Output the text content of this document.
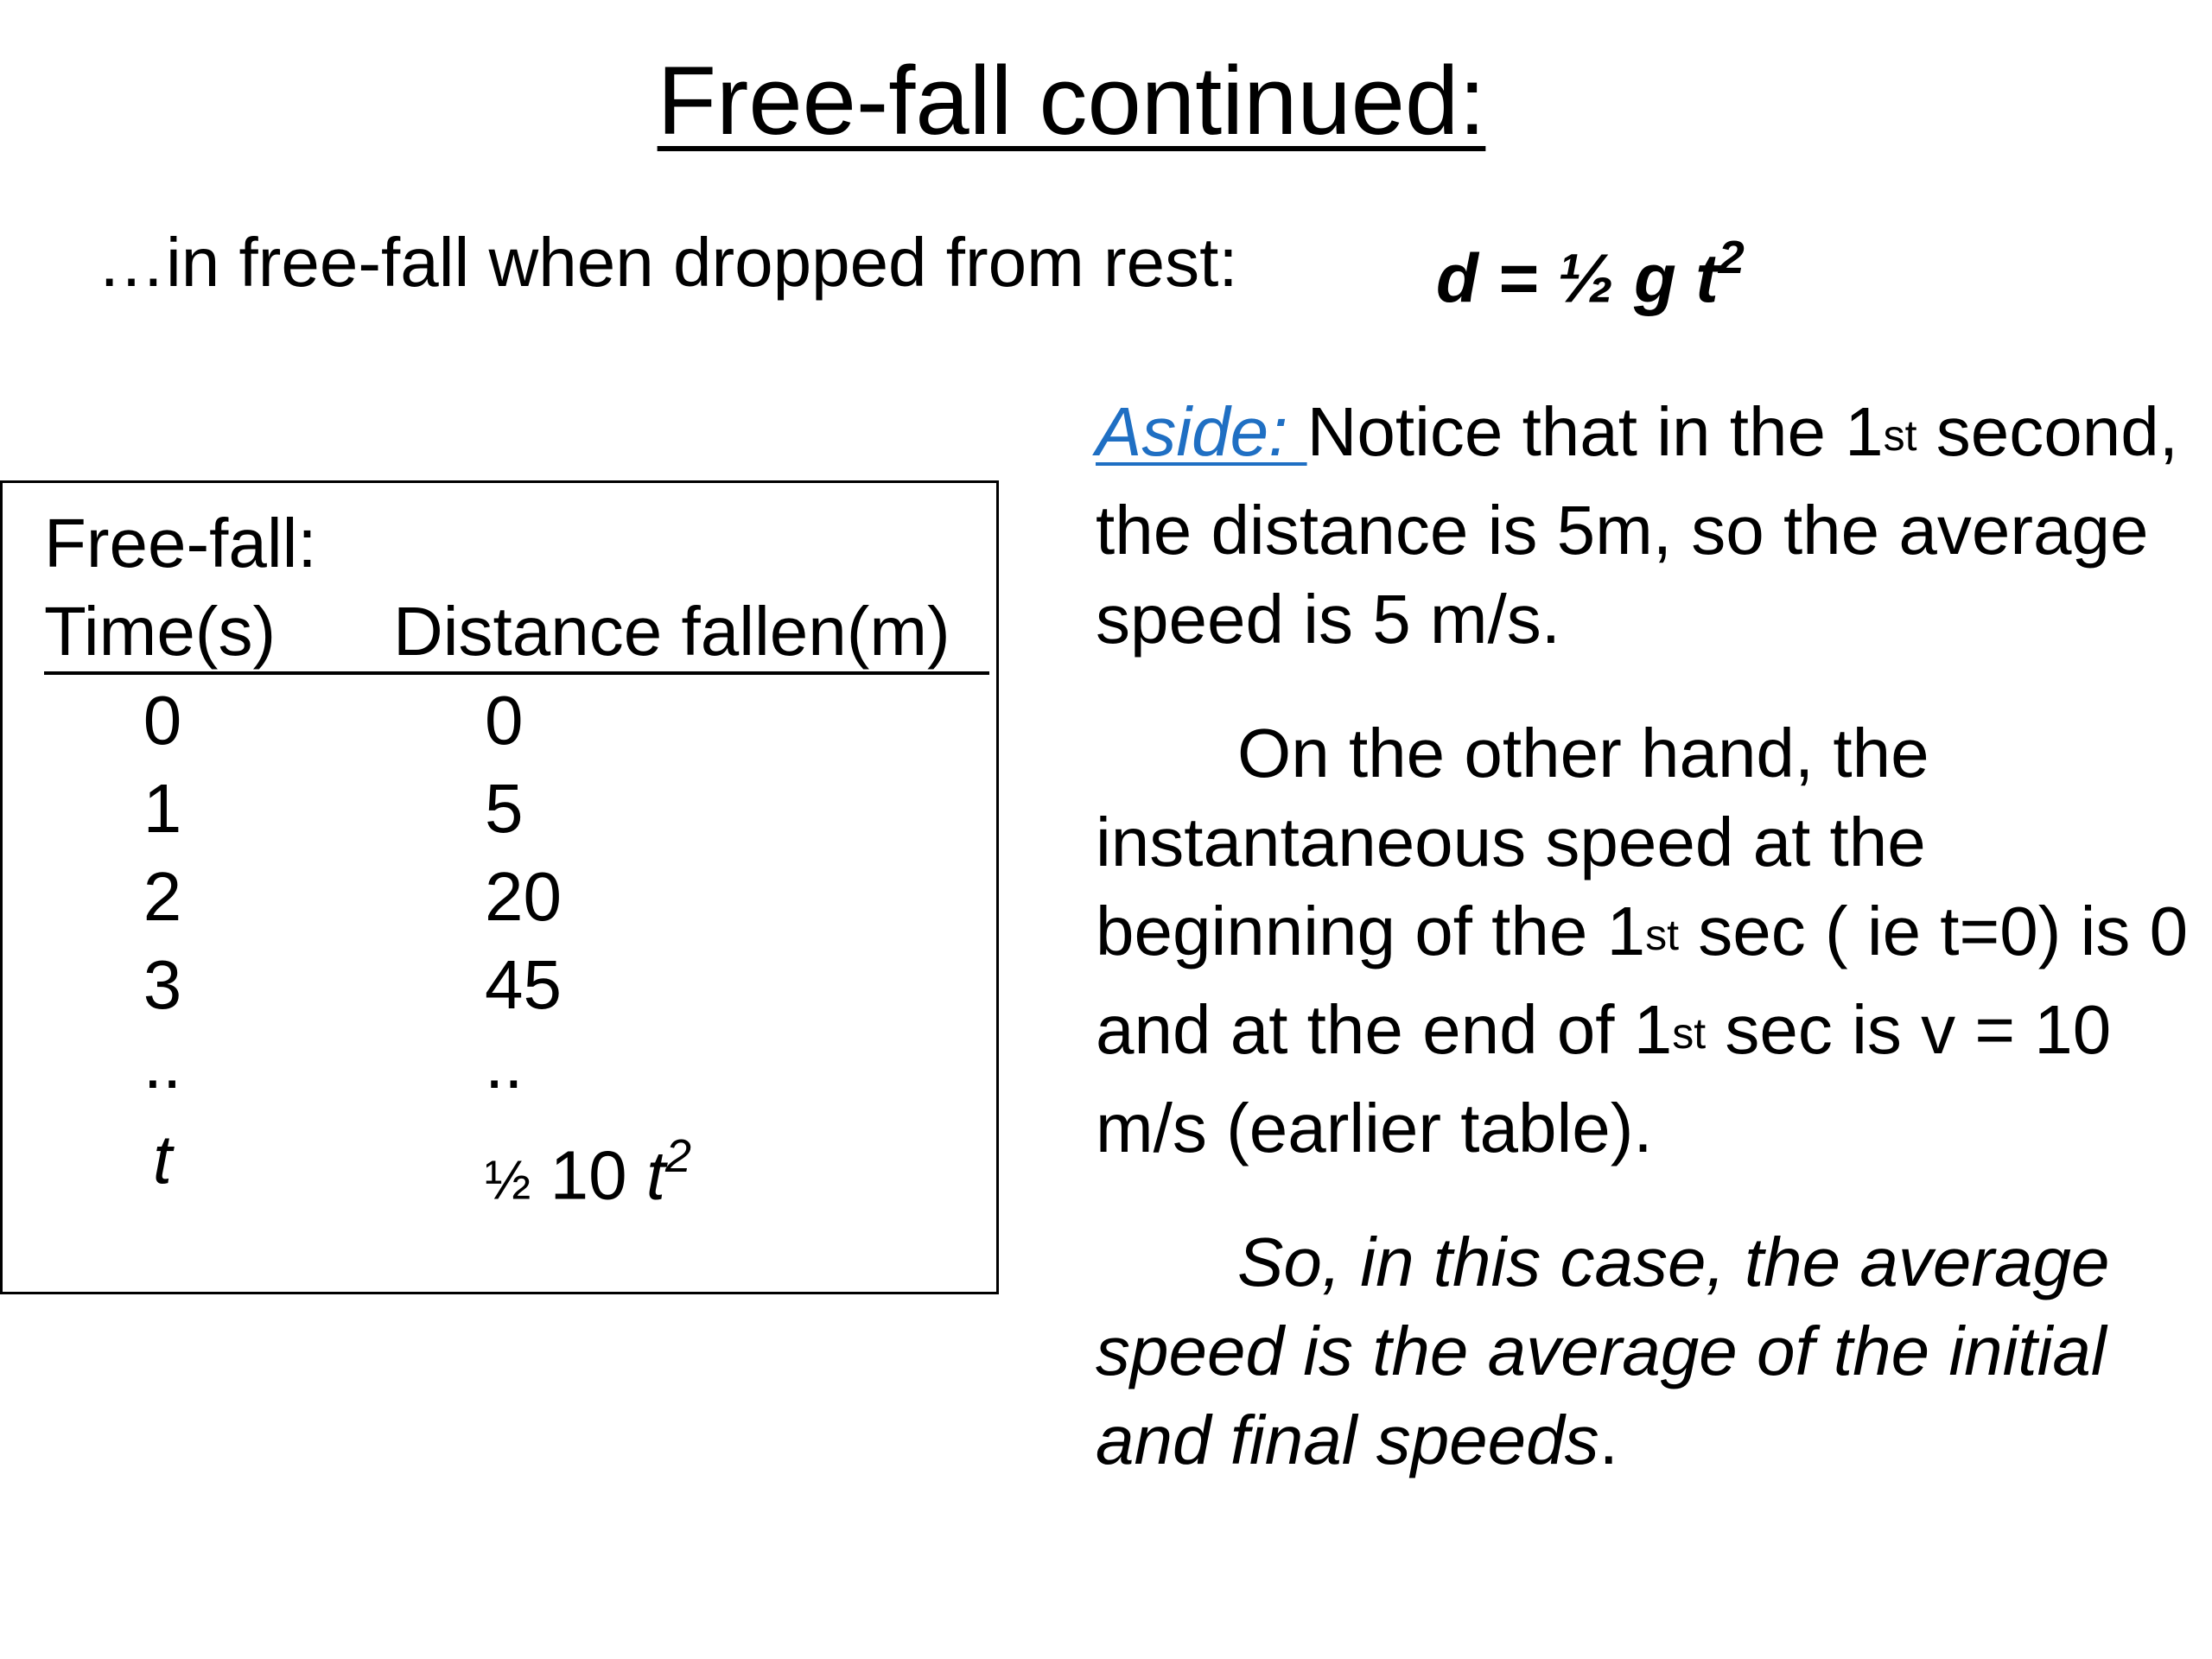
Free-fall continued:
…in free-fall when dropped from rest:	d = ½ g $t^2$
Free-fall:
Time(s) Distance fallen(m)
0	0
1	5
2	20
3	45
..	..
t	½ 10 $t^2$

Aside: Notice that in the 1st second, the distance is 5m, so the average speed is 5 m/s.

On the other hand, the instantaneous speed at the beginning of the 1st sec ( ie t=0) is 0 and at the end of 1st sec is v = 10 m/s (earlier table).

So, in this case, the average speed is the average of the initial and final speeds.
